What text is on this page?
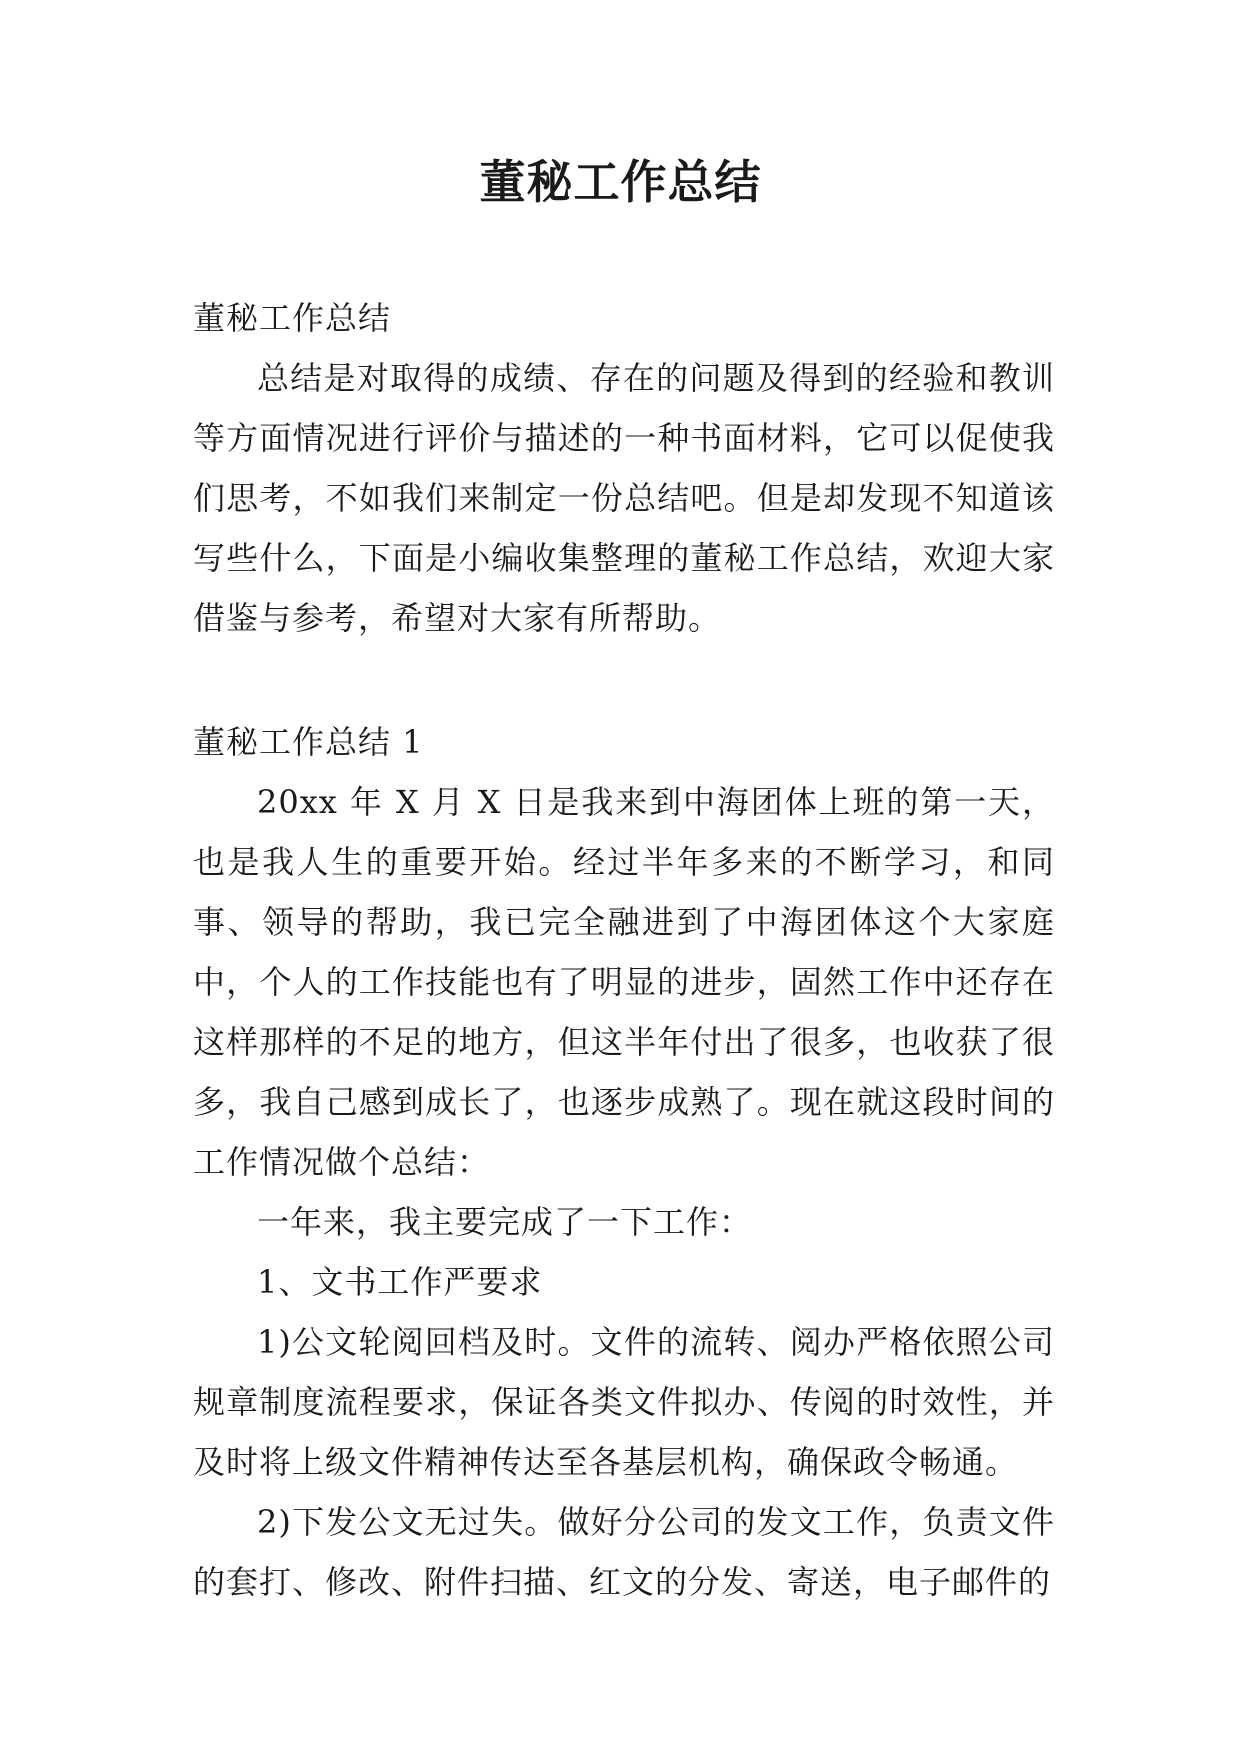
董秘工作总结

董秘工作总结

总结是对取得的成绩、存在的问题及得到的经验和教训等方面情况进行评价与描述的一种书面材料，它可以促使我们思考，不如我们来制定一份总结吧。但是却发现不知道该写些什么，下面是小编收集整理的董秘工作总结，欢迎大家借鉴与参考，希望对大家有所帮助。

董秘工作总结 1

20xx 年 X 月 X 日是我来到中海团体上班的第一天，也是我人生的重要开始。经过半年多来的不断学习，和同事、领导的帮助，我已完全融进到了中海团体这个大家庭中，个人的工作技能也有了明显的进步，固然工作中还存在这样那样的不足的地方，但这半年付出了很多，也收获了很多，我自己感到成长了，也逐步成熟了。现在就这段时间的工作情况做个总结：

一年来，我主要完成了一下工作：

1、文书工作严要求

1)公文轮阅回档及时。文件的流转、阅办严格依照公司规章制度流程要求，保证各类文件拟办、传阅的时效性，并及时将上级文件精神传达至各基层机构，确保政令畅通。

2)下发公文无过失。做好分公司的发文工作，负责文件的套打、修改、附件扫描、红文的分发、寄送，电子邮件的
